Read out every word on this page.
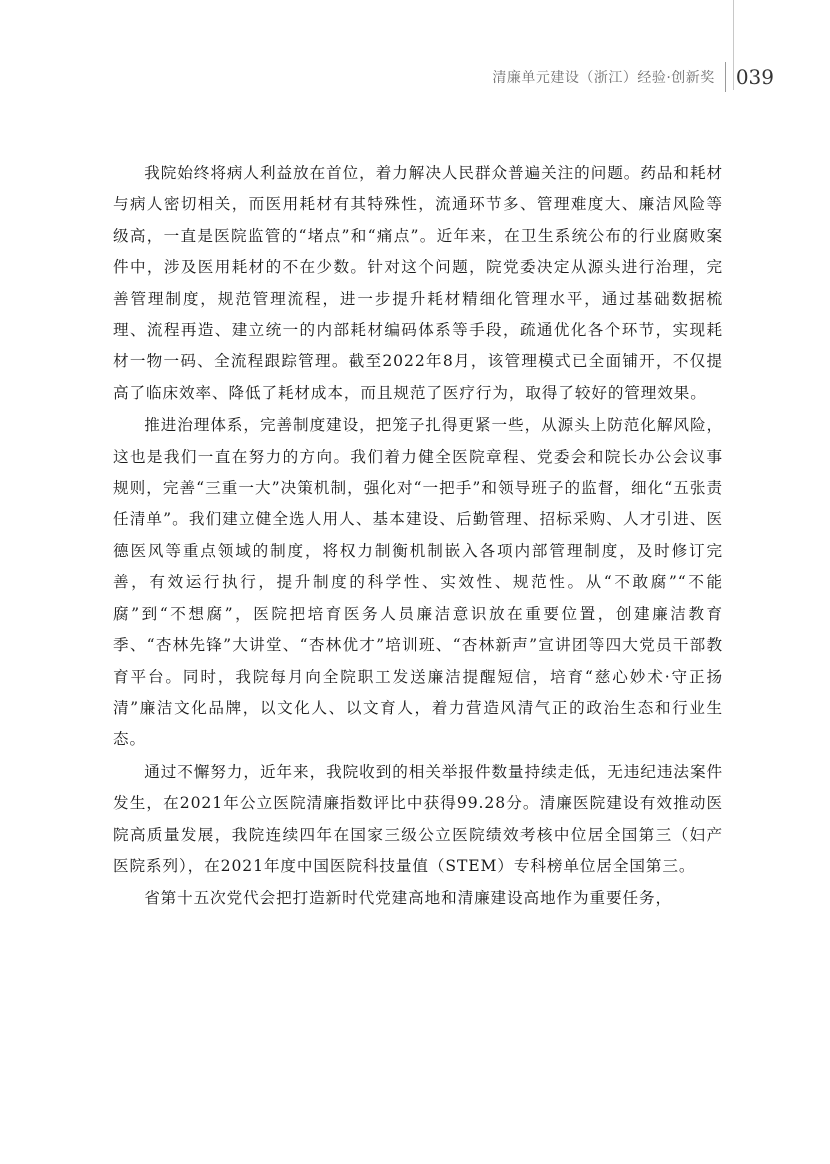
清廉单元建设（浙江）经验·创新奖	039

我院始终将病人利益放在首位，着力解决人民群众普遍关注的问题。药品和耗材与病人密切相关，而医用耗材有其特殊性，流通环节多、管理难度大、廉洁风险等级高，一直是医院监管的“堵点”和“痛点”。近年来，在卫生系统公布的行业腐败案件中，涉及医用耗材的不在少数。针对这个问题，院党委决定从源头进行治理，完善管理制度，规范管理流程，进一步提升耗材精细化管理水平，通过基础数据梳理、流程再造、建立统一的内部耗材编码体系等手段，疏通优化各个环节，实现耗材一物一码、全流程跟踪管理。截至2022年8月，该管理模式已全面铺开，不仅提高了临床效率、降低了耗材成本，而且规范了医疗行为，取得了较好的管理效果。

推进治理体系，完善制度建设，把笼子扎得更紧一些，从源头上防范化解风险，这也是我们一直在努力的方向。我们着力健全医院章程、党委会和院长办公会议事规则，完善“三重一大”决策机制，强化对“一把手”和领导班子的监督，细化“五张责任清单”。我们建立健全选人用人、基本建设、后勤管理、招标采购、人才引进、医德医风等重点领域的制度，将权力制衡机制嵌入各项内部管理制度，及时修订完善，有效运行执行，提升制度的科学性、实效性、规范性。从“不敢腐”“不能腐”到“不想腐”，医院把培育医务人员廉洁意识放在重要位置，创建廉洁教育季、“杏林先锋”大讲堂、“杏林优才”培训班、“杏林新声”宣讲团等四大党员干部教育平台。同时，我院每月向全院职工发送廉洁提醒短信，培育“慈心妙术·守正扬清”廉洁文化品牌，以文化人、以文育人，着力营造风清气正的政治生态和行业生态。

通过不懈努力，近年来，我院收到的相关举报件数量持续走低，无违纪违法案件发生，在2021年公立医院清廉指数评比中获得99.28分。清廉医院建设有效推动医院高质量发展，我院连续四年在国家三级公立医院绩效考核中位居全国第三（妇产医院系列），在2021年度中国医院科技量值（STEM）专科榜单位居全国第三。

省第十五次党代会把打造新时代党建高地和清廉建设高地作为重要任务，
